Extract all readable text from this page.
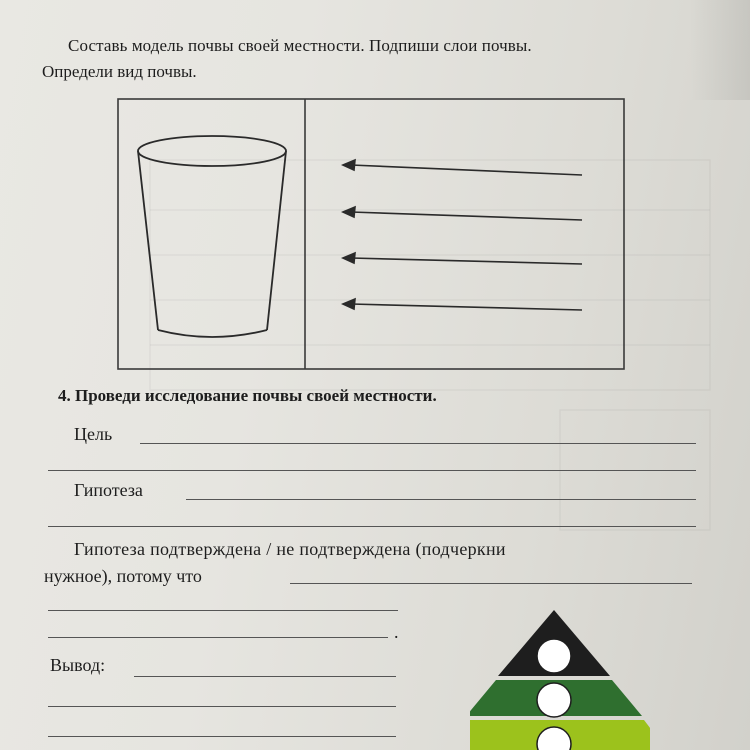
Составь модель почвы своей местности. Подпиши слои почвы.
Определи вид почвы.
4. Проведи исследование почвы своей местности.
Цель
Гипотеза
Гипотеза подтверждена / не подтверждена (подчеркни
нужное), потому что
.
Вывод:
